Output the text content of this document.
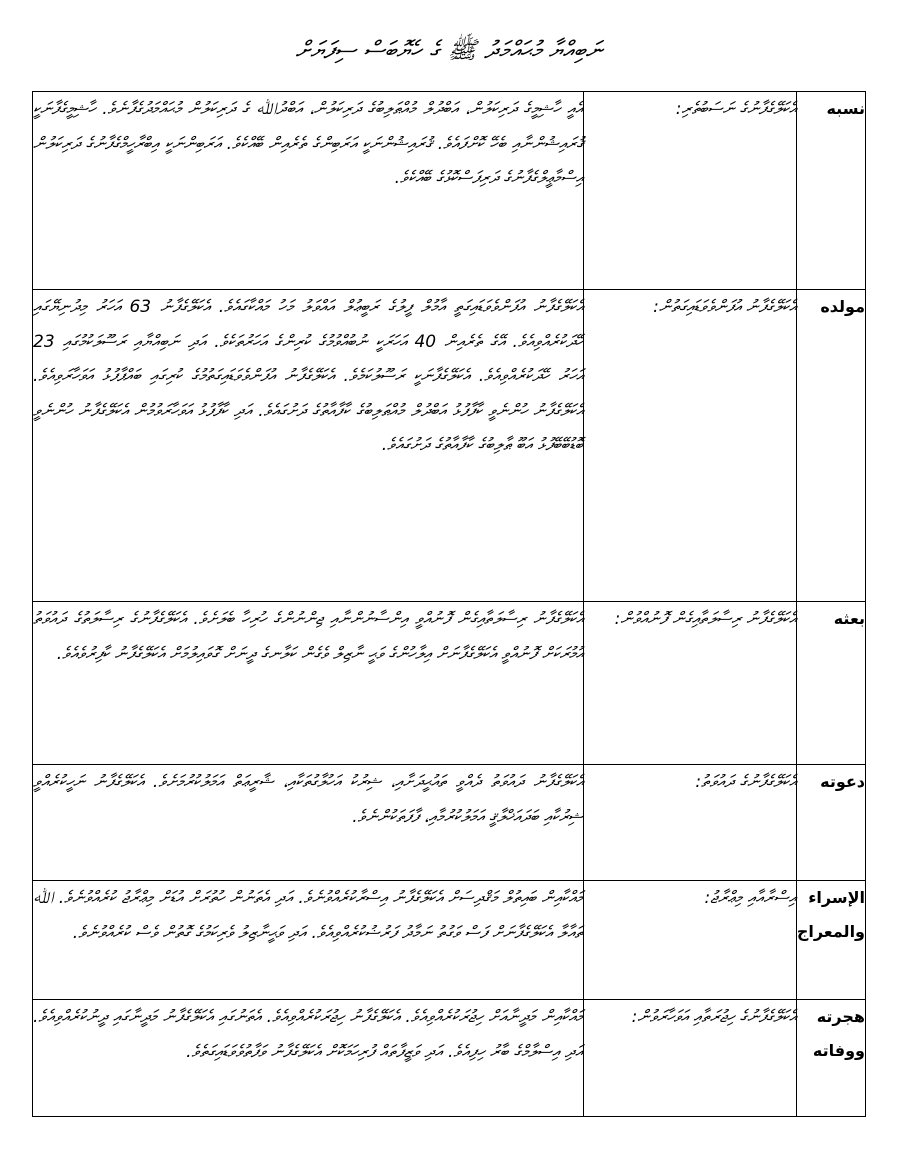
ނަބިއްޔާ މުޙައްމަދު ﷺ ގެ ހެޔޮބަސް ސިފަޔަށް
އެއީ ހާޝިމީގެ ދަރިކަލުން، އަބްދުލް މުއްޠަލިބުގެ ދަރިކަލުން، އަބްދުﷲ ގެ ދަރިކަލުން މުޙައްމަދުގެފާނެވެ. ހާޝިމީގެފާނަކީ ޤުރައިޝުންނާއި ބެހޭ ކޮށްފައެވެ. ޤުރައިޝުންނަކީ އަރަބިންގެ ތެރެއިން ބޭއްކެވެ. އަރަބިންނަކީ އިބްރާހީމްގެފާނުގެ ދަރިކަލުން އިސްމާޢީލްގެފާނުގެ ދަރިފަސްކޮޅުގެ ބޭއްކެވެ.	އެކަލޭގެފާނުގެ ނަސަބުތެރި:	نسبه
އެކަލޭގެފާނު އުފަންވެވަޑައިގަތީ އާމުލް ފީލުގެ ރަބީޢުލް އައްވަލު މަހު މައްކާގައެވެ. އެކަލޭގެފާނު 63 އަހަރު މިދުނިޔޭގައި ހޭދަކުރެއްވިއެވެ. އޭގެ ތެރެއިން 40 އަހަރަކީ ނުބުއްވުމުގެ ކުރިންގެ އަހަރުތަކެވެ. އަދި ނަބިއްޔާއި ރަސޫލަކުމުގައި 23 އަހަރު ހޭދަކުރެއްވިއެވެ. އެކަލޭގެފާނަކީ ރަސޫލުކަމެވެ. އެކަލޭގެފާނު އުފަންވެވަޑައިގަތުމުގެ ކުރިގައި ބައްޕާފުޅު އަވަހާރަވިއެވެ. އެކަލޭގެފާނު ހުންނެވީ ކާފާފުޅު އަބްދުލް މުއްޠަލިބުގެ ކާފާއާތުގެ ދަށުގައެވެ. އަދި ކާފާފުޅު އަވަހާރަވުމުން އެކަލޭގެފާނު ހުންނެވީ ބޮޑުބޭބޭފުޅު އަބޫ ޠާލިބުގެ ކާފާއާތުގެ ދަށުގައެވެ.	އެކަލޭގެފާނު އުފަންވެވަޑައިގަތުން:	مولده
އެކަލޭގެފާނު ރިސާލަތާއިގެން ފޮނުއްވީ އިންސާނުންނާއި ޖިންނުންގެ ހުރިހާ ބެލަށެވެ. އެކަލޭގެފާނުގެ ރިސާލަތުގެ ދައުވަތު އުމުރަކަށް ފޮނުއްވީ އެކަލޭގެފާނަށް އިލާހުންގެ ވަޙީ ނާޒިލް ވެގެން ކަލާނގެ ދީނަށް ގޮވައިލުމަށް އެކަލޭގެފާނު ކާފިރުވެއެވެ.	އެކަލޭގެފާނު ރިސާލަތާއިގެން ފޮނުއްވުން:	بعثه
އެކަލޭގެފާނު ދައުވަތު ދެއްވީ ތައުޙީދަށާއި، ޝިރުކު އަހުލާގުތަކާއި، ޝާރީޢަތް އަމަލުކުރުމަށެވެ. އެކަލޭގެފާނު ނަހީކުރެއްވީ ޝިރުކާއި ބަދައަޚްލާޤީ އަމަލުކުރުމާއި، ފާފަތަކުންނެވެ.	އެކަލޭގެފާނުގެ ދައުވަތު:	دعوته
މައްކާއިން ބައިތުލް މަޤްދިސަށް އެކަލޭގެފާނު އިސްރާކުރެއްވުނެވެ. އަދި އެތަނުން ހުތުރަށް އުޑަށް މިޢްރާޖު ކުރެއްވުނެވެ. ﷲ ތައާލާ އެކަލޭގެފާނަށް ފަސް ވަގުތު ނަމާދު ފަރުޟުކުރެއްވިއެވެ. އަދި ވަޙީނާޒިލު ވެރިކަމުގެ ގޮތުން ވެސް ކުރެއްވުނެވެ.	އިސްރާއާއި މިޢްރާޖު:	الإسراء والمعراج
މައްކާއިން މަދީނާއަށް ހިޖުރަކުރެއްވިއެވެ. އެކަލޭގެފާނު ހިޖުރަކުރެއްވިއެވެ. އެތަނުގައި އެކަލޭގެފާނު މަދީނާގައި ދީނުކުރެއްވިއެވެ. އަދި އިސްލާމްގެ ބާރު ހިފިއެވެ. އަދި ވަޒީފާތައް ފުރިހަމަކޮށް އެކަލޭގެފާނު ވަފާތުވެވަޑައިގަތެވެ.	އެކަލޭގެފާނުގެ ހިޖުރަތާއި އަވަހާރަވުން:	هجرته ووفاته
